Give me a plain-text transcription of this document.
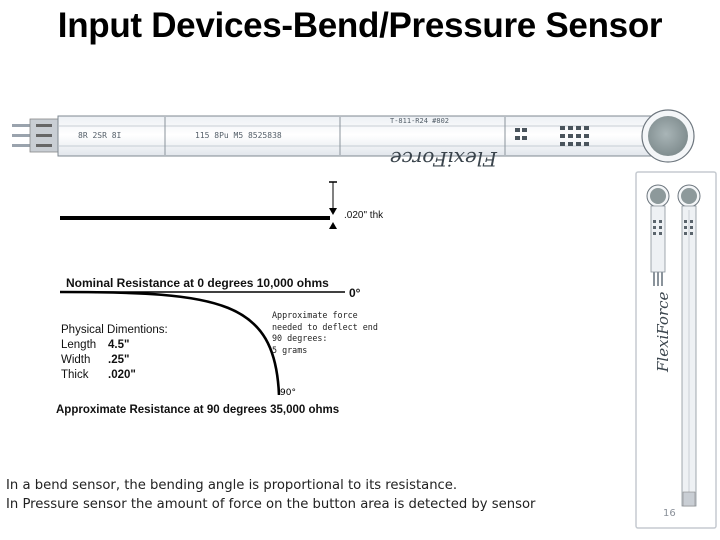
Input Devices-Bend/Pressure Sensor
8R 2SR 8I	115 8Pu M5 8525838
T-811-R24 #802
FlexiForce
.020" thk
Nominal Resistance at 0 degrees 10,000 ohms
0°
Approximate force
needed to deflect end
90 degrees:
5 grams
Physical Dimentions:
Length
Width
Thick
4.5"
.25"
.020"
90°
Approximate Resistance at 90 degrees 35,000 ohms
FlexiForce
In a bend sensor, the bending angle is proportional to its resistance.
In Pressure sensor the amount of force on the button area is detected by sensor
16
